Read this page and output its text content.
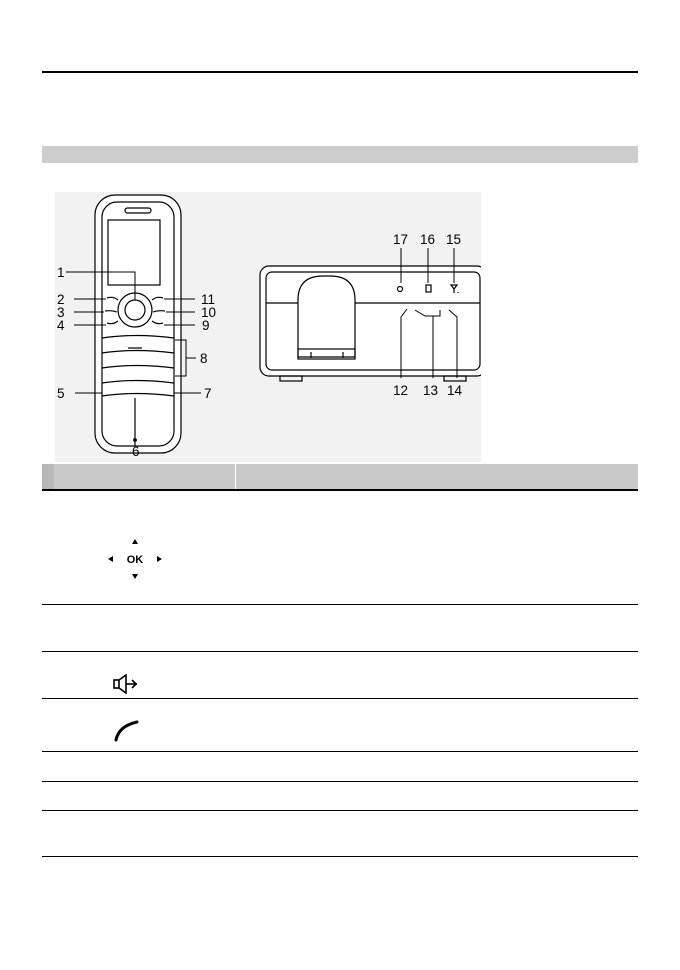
1
2
3
4
5
6
7
8
9
10
11
12 13 14
15
16
17
OK
